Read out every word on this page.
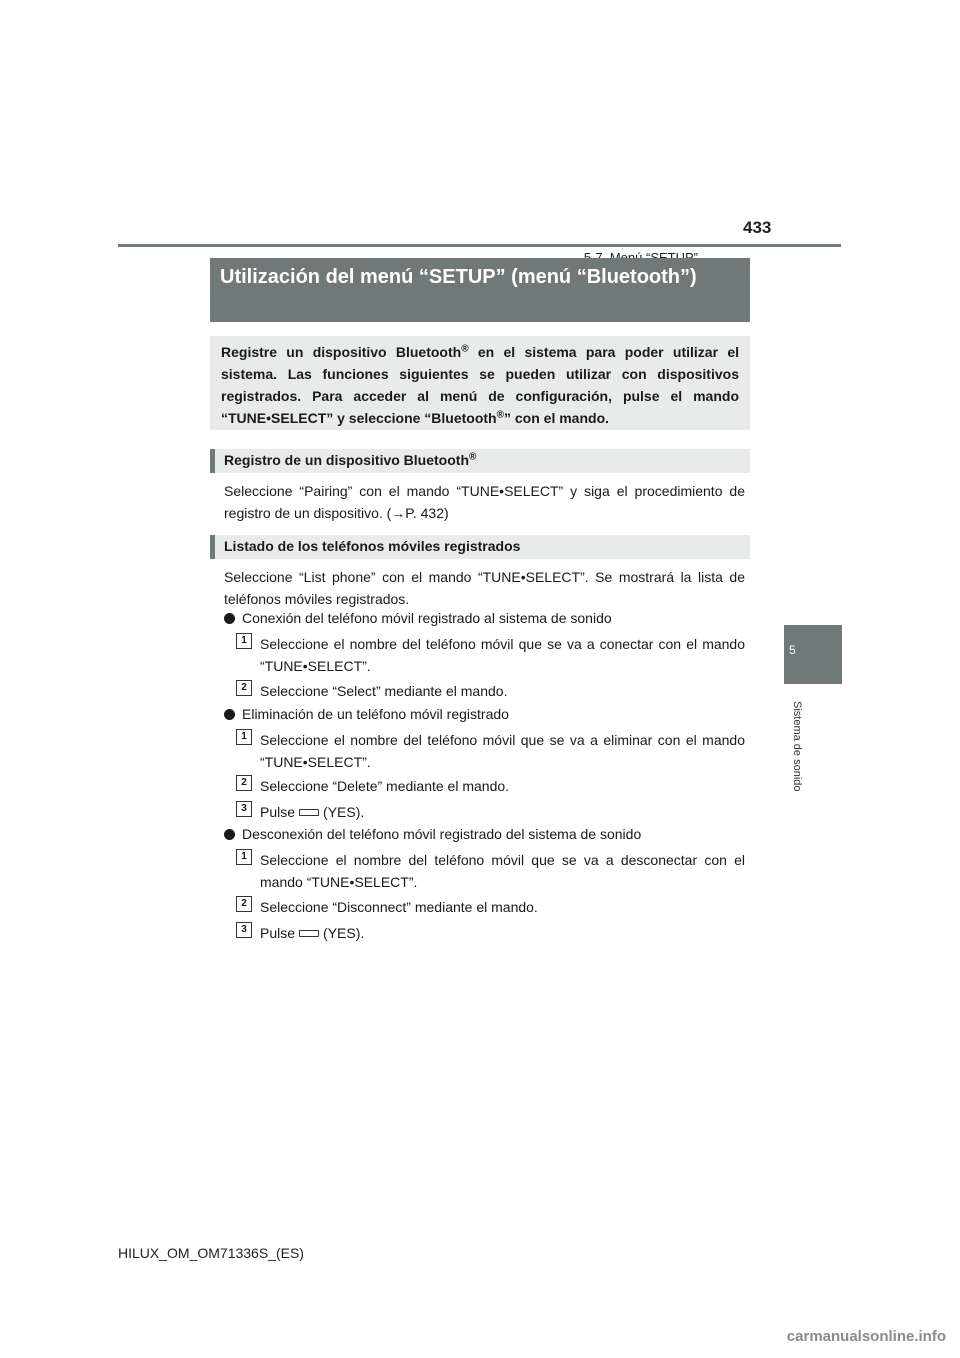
433
5
Sistema de sonido
Utilización del menú “SETUP” (menú “Bluetooth”)
Registre un dispositivo Bluetooth® en el sistema para poder utilizar el sistema. Las funciones siguientes se pueden utilizar con dispositivos registrados. Para acceder al menú de configuración, pulse el mando “TUNE•SELECT” y seleccione “Bluetooth®” con el mando.
Registro de un dispositivo Bluetooth®
Seleccione “Pairing” con el mando “TUNE•SELECT” y siga el procedimiento de registro de un dispositivo. (→P. 432)
Listado de los teléfonos móviles registrados
Seleccione “List phone” con el mando “TUNE•SELECT”. Se mostrará la lista de teléfonos móviles registrados.
Conexión del teléfono móvil registrado al sistema de sonido
1 Seleccione el nombre del teléfono móvil que se va a conectar con el mando “TUNE•SELECT”.
2 Seleccione “Select” mediante el mando.
Eliminación de un teléfono móvil registrado
1 Seleccione el nombre del teléfono móvil que se va a eliminar con el mando “TUNE•SELECT”.
2 Seleccione “Delete” mediante el mando.
3 Pulse (YES).
Desconexión del teléfono móvil registrado del sistema de sonido
1 Seleccione el nombre del teléfono móvil que se va a desconectar con el mando “TUNE•SELECT”.
2 Seleccione “Disconnect” mediante el mando.
3 Pulse (YES).
HILUX_OM_OM71336S_(ES)
carmanualsonline.info
